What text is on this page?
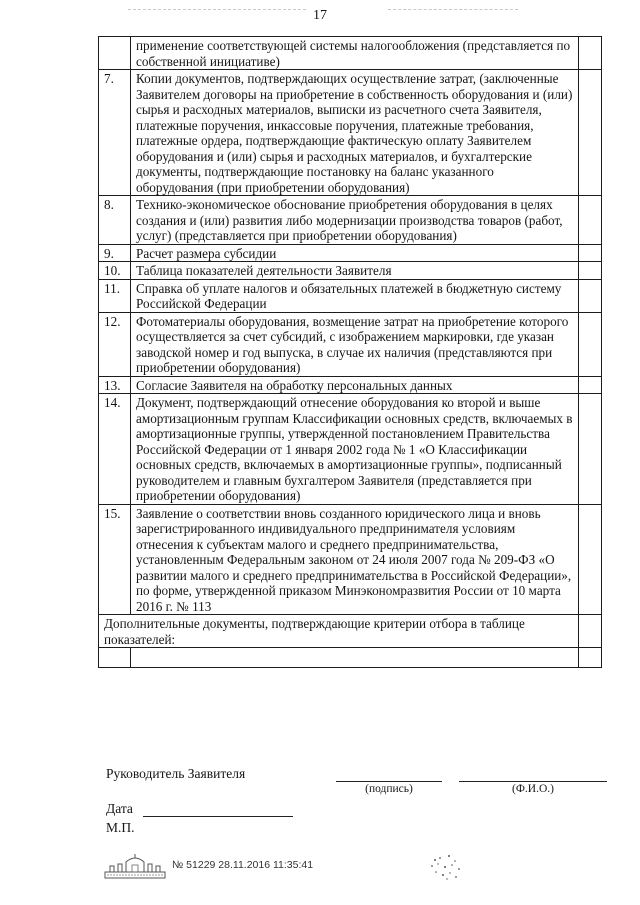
17
	применение соответствующей системы налогообложения (представляется по собственной инициативе)	
7.	Копии документов, подтверждающих осуществление затрат, (заключенные Заявителем договоры на приобретение в собственность оборудования и (или) сырья и расходных материалов, выписки из расчетного счета Заявителя, платежные поручения, инкассовые поручения, платежные требования, платежные ордера, подтверждающие фактическую оплату Заявителем оборудования и (или) сырья и расходных материалов, и бухгалтерские документы, подтверждающие постановку на баланс указанного оборудования (при приобретении оборудования)	
8.	Технико-экономическое обоснование приобретения оборудования в целях создания и (или) развития либо модернизации производства товаров (работ, услуг) (представляется при приобретении оборудования)	
9.	Расчет размера субсидии	
10.	Таблица показателей деятельности Заявителя	
11.	Справка об уплате налогов и обязательных платежей в бюджетную систему Российской Федерации	
12.	Фотоматериалы оборудования, возмещение затрат на приобретение которого осуществляется за счет субсидий, с изображением маркировки, где указан заводской номер и год выпуска, в случае их наличия (представляются при приобретении оборудования)	
13.	Согласие Заявителя на обработку персональных данных	
14.	Документ, подтверждающий отнесение оборудования ко второй и выше амортизационным группам Классификации основных средств, включаемых в амортизационные группы, утвержденной постановлением Правительства Российской Федерации от 1 января 2002 года № 1 «О Классификации основных средств, включаемых в амортизационные группы», подписанный руководителем и главным бухгалтером Заявителя (представляется при приобретении оборудования)	
15.	Заявление о соответствии вновь созданного юридического лица и вновь зарегистрированного индивидуального предпринимателя условиям отнесения к субъектам малого и среднего предпринимательства, установленным Федеральным законом от 24 июля 2007 года № 209-ФЗ «О развитии малого и среднего предпринимательства в Российской Федерации», по форме, утвержденной приказом Минэкономразвития России от 10 марта 2016 г. № 113	
Дополнительные документы, подтверждающие критерии отбора в таблице показателей:		

Руководитель Заявителя
(подпись)	(Ф.И.О.)
Дата
М.П.
№ 51229 28.11.2016 11:35:41
